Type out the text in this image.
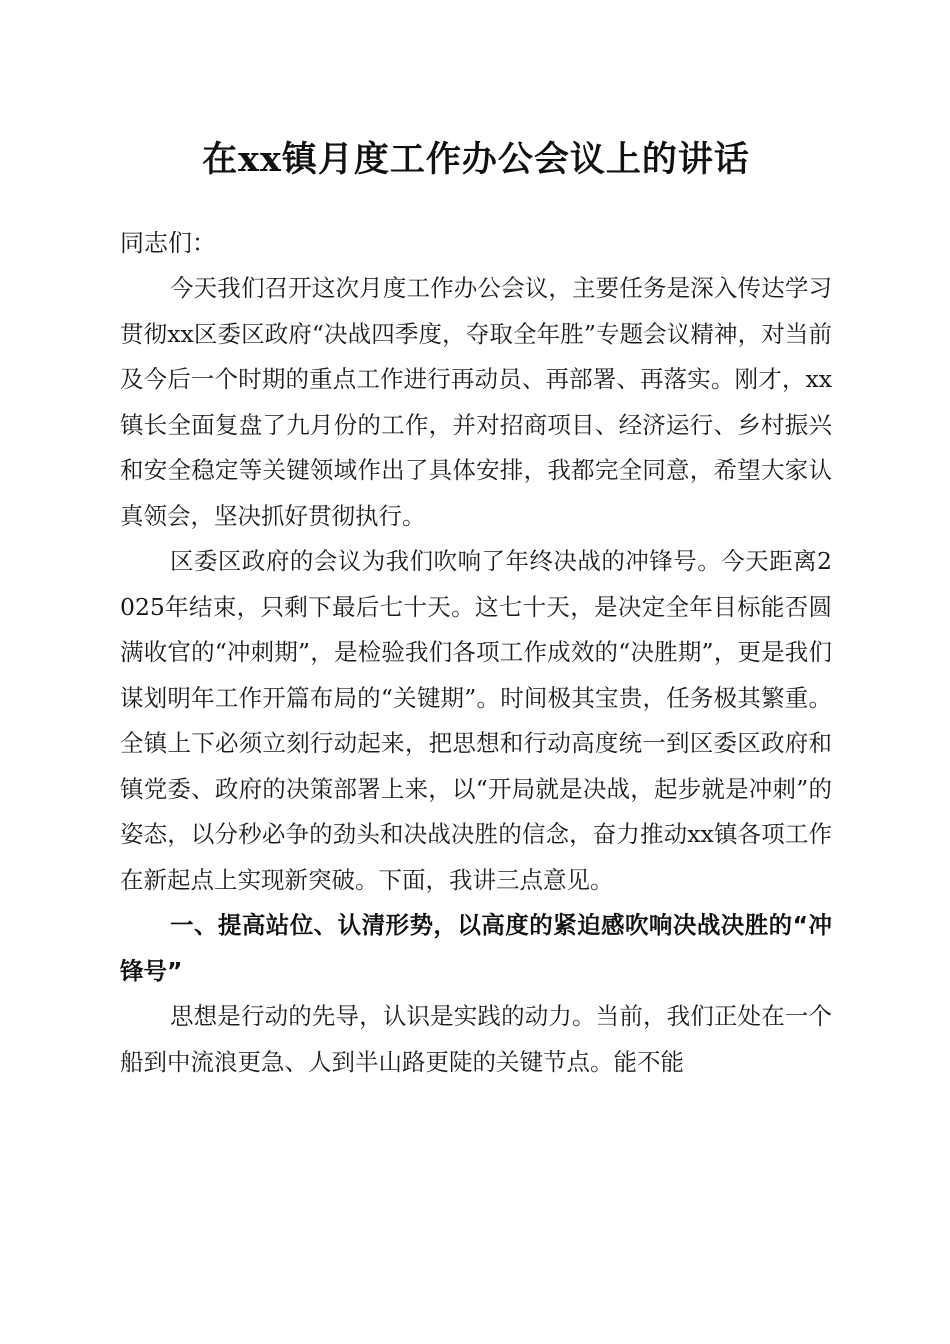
在xx镇月度工作办公会议上的讲话

同志们：

今天我们召开这次月度工作办公会议，主要任务是深入传达学习贯彻xx区委区政府“决战四季度，夺取全年胜”专题会议精神，对当前及今后一个时期的重点工作进行再动员、再部署、再落实。刚才，xx镇长全面复盘了九月份的工作，并对招商项目、经济运行、乡村振兴和安全稳定等关键领域作出了具体安排，我都完全同意，希望大家认真领会，坚决抓好贯彻执行。

区委区政府的会议为我们吹响了年终决战的冲锋号。今天距离2025年结束，只剩下最后七十天。这七十天，是决定全年目标能否圆满收官的“冲刺期”，是检验我们各项工作成效的“决胜期”，更是我们谋划明年工作开篇布局的“关键期”。时间极其宝贵，任务极其繁重。全镇上下必须立刻行动起来，把思想和行动高度统一到区委区政府和镇党委、政府的决策部署上来，以“开局就是决战，起步就是冲刺”的姿态，以分秒必争的劲头和决战决胜的信念，奋力推动xx镇各项工作在新起点上实现新突破。下面，我讲三点意见。

一、提高站位、认清形势，以高度的紧迫感吹响决战决胜的“冲锋号”

思想是行动的先导，认识是实践的动力。当前，我们正处在一个船到中流浪更急、人到半山路更陡的关键节点。能不能
